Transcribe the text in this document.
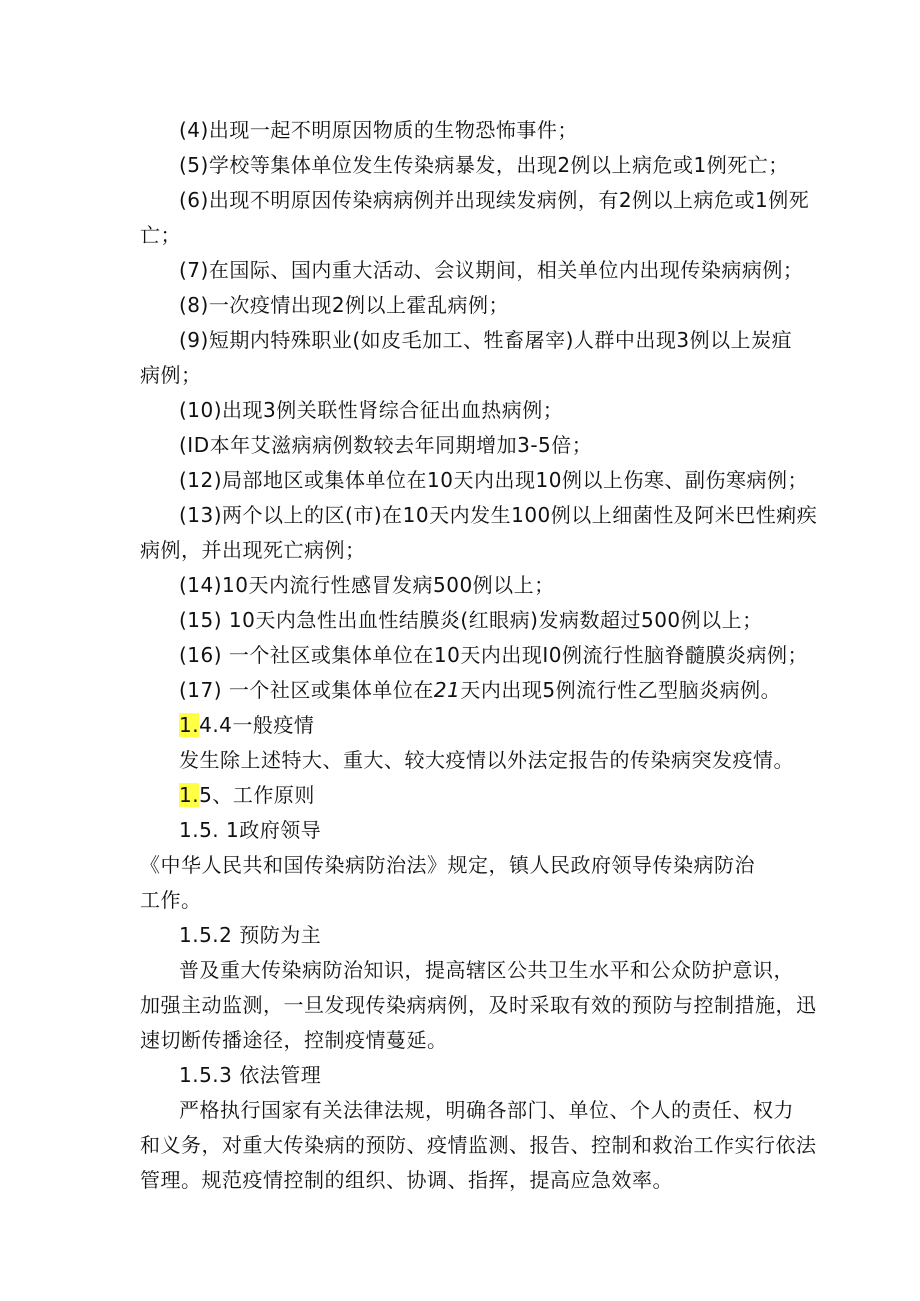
(4)出现一起不明原因物质的生物恐怖事件；
(5)学校等集体单位发生传染病暴发，出现2例以上病危或1例死亡；
(6)出现不明原因传染病病例并出现续发病例，有2例以上病危或1例死
亡；
(7)在国际、国内重大活动、会议期间，相关单位内出现传染病病例；
(8)一次疫情出现2例以上霍乱病例；
(9)短期内特殊职业(如皮毛加工、牲畜屠宰)人群中出现3例以上炭疽
病例；
(10)出现3例关联性肾综合征出血热病例；
(ID本年艾滋病病例数较去年同期增加3-5倍；
(12)局部地区或集体单位在10天内出现10例以上伤寒、副伤寒病例；
(13)两个以上的区(市)在10天内发生100例以上细菌性及阿米巴性痢疾
病例，并出现死亡病例；
(14)10天内流行性感冒发病500例以上；
(15) 10天内急性出血性结膜炎(红眼病)发病数超过500例以上；
(16) 一个社区或集体单位在10天内出现I0例流行性脑脊髓膜炎病例；
(17) 一个社区或集体单位在21天内出现5例流行性乙型脑炎病例。
1.4.4一般疫情
发生除上述特大、重大、较大疫情以外法定报告的传染病突发疫情。
1.5、工作原则
1.5. 1政府领导
《中华人民共和国传染病防治法》规定，镇人民政府领导传染病防治
工作。
1.5.2 预防为主
普及重大传染病防治知识，提高辖区公共卫生水平和公众防护意识，
加强主动监测，一旦发现传染病病例，及时采取有效的预防与控制措施，迅
速切断传播途径，控制疫情蔓延。
1.5.3 依法管理
严格执行国家有关法律法规，明确各部门、单位、个人的责任、权力
和义务，对重大传染病的预防、疫情监测、报告、控制和救治工作实行依法
管理。规范疫情控制的组织、协调、指挥，提高应急效率。
